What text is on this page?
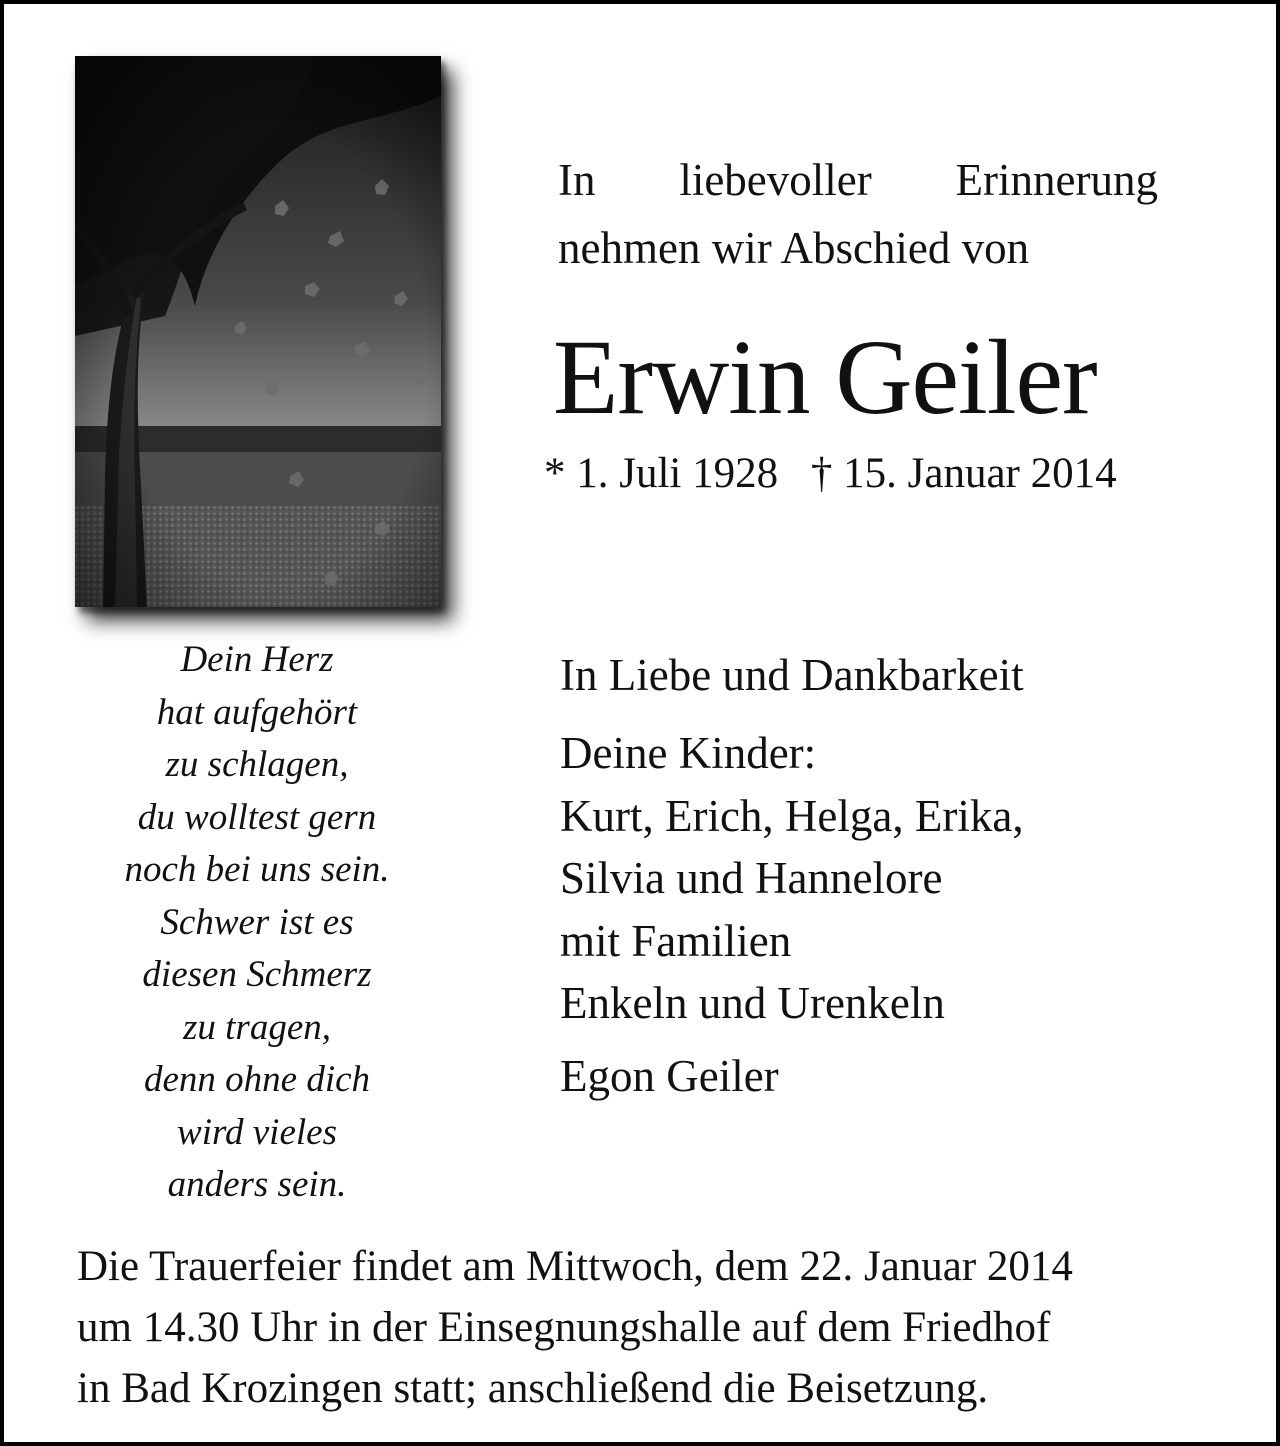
In liebevoller Erinnerung
nehmen wir Abschied von
Erwin Geiler
* 1. Juli 1928 † 15. Januar 2014
Dein Herz
hat aufgehört
zu schlagen,
du wolltest gern
noch bei uns sein.
Schwer ist es
diesen Schmerz
zu tragen,
denn ohne dich
wird vieles
anders sein.
In Liebe und Dankbarkeit
Deine Kinder:
Kurt, Erich, Helga, Erika,
Silvia und Hannelore
mit Familien
Enkeln und Urenkeln
Egon Geiler
Die Trauerfeier findet am Mittwoch, dem 22. Januar 2014
um 14.30 Uhr in der Einsegnungshalle auf dem Friedhof
in Bad Krozingen statt; anschließend die Beisetzung.
